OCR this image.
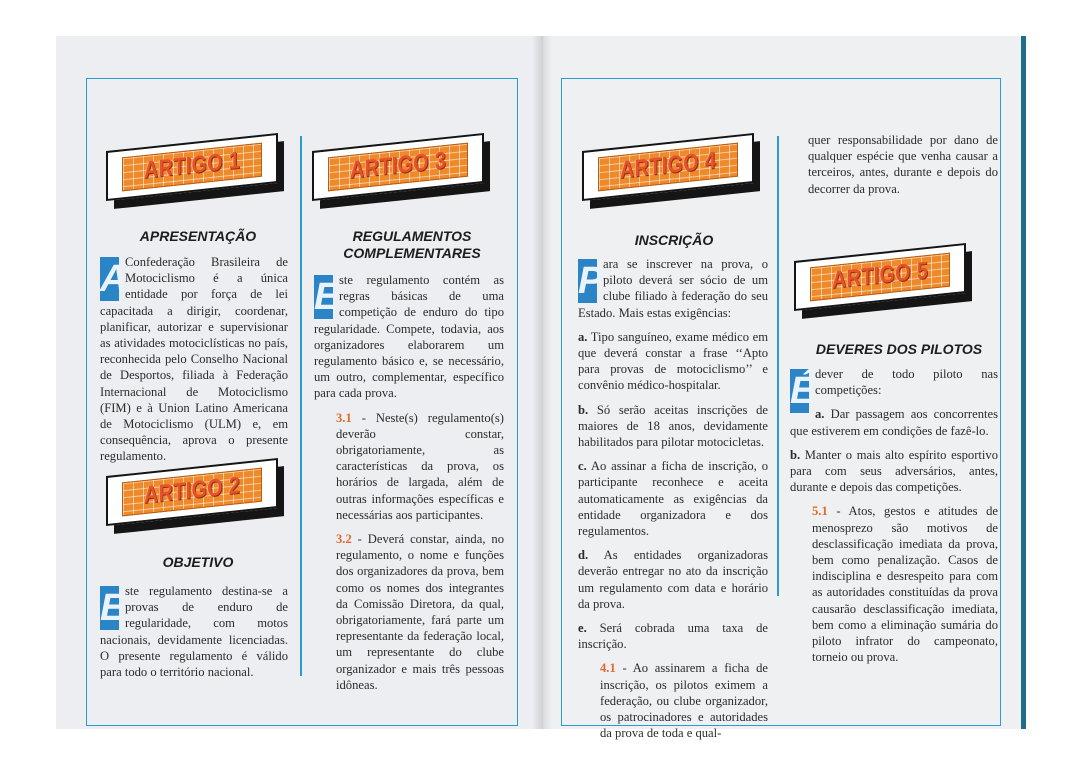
ARTIGO 1
APRESENTAÇÃO

A
Confederação Brasileira de Motociclismo é a única entidade por força de lei capacitada a dirigir, coordenar, planificar, autorizar e supervisionar as atividades motociclísticas no país, reconhecida pelo Conselho Nacional de Desportos, filiada à Federação Internacional de Motociclismo (FIM) e à Union Latino Americana de Motociclismo (ULM) e, em consequência, aprova o presente regulamento.

ARTIGO 2
OBJETIVO

E ste regulamento destina-se a provas de enduro de regularidade, com motos nacionais, devidamente licenciadas. O presente regulamento é válido para todo o território nacional.

ARTIGO 3
REGULAMENTOS COMPLEMENTARES

E ste regulamento contém as regras básicas de uma competição de enduro do tipo regularidade. Compete, todavia, aos organizadores elaborarem um regulamento básico e, se necessário, um outro, complementar, específico para cada prova.

3.1 - Neste(s) regulamento(s) deverão constar, obrigatoriamente, as características da prova, os horários de largada, além de outras informações específicas e necessárias aos participantes.

3.2 - Deverá constar, ainda, no regulamento, o nome e funções dos organizadores da prova, bem como os nomes dos integrantes da Comissão Diretora, da qual, obrigatoriamente, fará parte um representante da federação local, um representante do clube organizador e mais três pessoas idôneas.

ARTIGO 4
INSCRIÇÃO

P ara se inscrever na prova, o piloto deverá ser sócio de um clube filiado à federação do seu Estado. Mais estas exigências:

a. Tipo sanguíneo, exame médico em que deverá constar a frase ‘‘Apto para provas de motociclismo’’ e convênio médico-hospitalar.

b. Só serão aceitas inscrições de maiores de 18 anos, devidamente habilitados para pilotar motocicletas.

c. Ao assinar a ficha de inscrição, o participante reconhece e aceita automaticamente as exigências da entidade organizadora e dos regulamentos.

d. As entidades organizadoras deverão entregar no ato da inscrição um regulamento com data e horário da prova.

e. Será cobrada uma taxa de inscrição.

4.1 - Ao assinarem a ficha de inscrição, os pilotos eximem a federação, ou clube organizador, os patrocinadores e autoridades da prova de toda e qual-

quer responsabilidade por dano de qualquer espécie que venha causar a terceiros, antes, durante e depois do decorrer da prova.

ARTIGO 5
DEVERES DOS PILOTOS

É dever de todo piloto nas competições:

a. Dar passagem aos concorrentes que estiverem em condições de fazê-lo.

b. Manter o mais alto espírito esportivo para com seus adversários, antes, durante e depois das competições.

5.1 - Atos, gestos e atitudes de menosprezo são motivos de desclassificação imediata da prova, bem como penalização. Casos de indisciplina e desrespeito para com as autoridades constituídas da prova causarão desclassificação imediata, bem como a eliminação sumária do piloto infrator do campeonato, torneio ou prova.
